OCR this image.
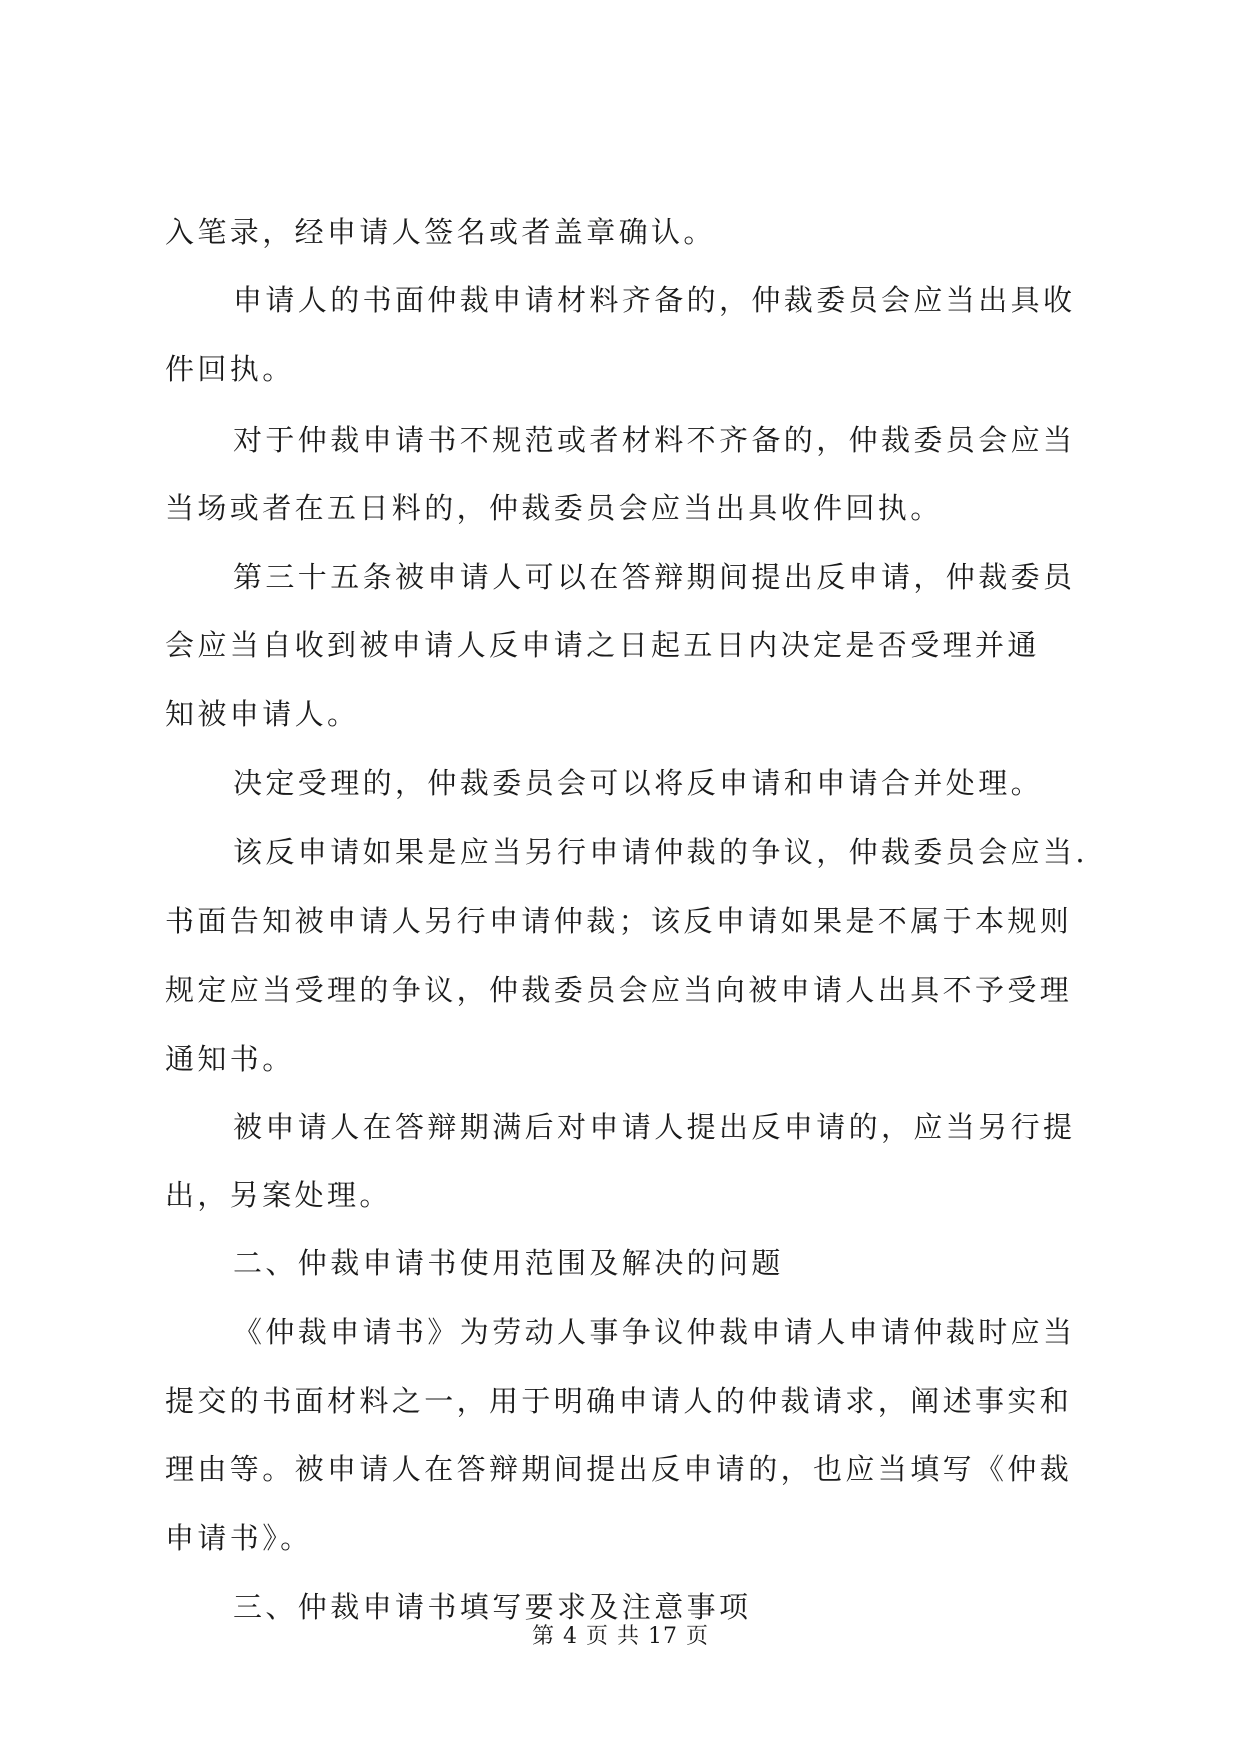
入笔录，经申请人签名或者盖章确认。
申请人的书面仲裁申请材料齐备的，仲裁委员会应当出具收
件回执。
对于仲裁申请书不规范或者材料不齐备的，仲裁委员会应当
当场或者在五日料的，仲裁委员会应当出具收件回执。
第三十五条被申请人可以在答辩期间提出反申请，仲裁委员
会应当自收到被申请人反申请之日起五日内决定是否受理并通
知被申请人。
决定受理的，仲裁委员会可以将反申请和申请合并处理。
该反申请如果是应当另行申请仲裁的争议，仲裁委员会应当.
书面告知被申请人另行申请仲裁；该反申请如果是不属于本规则
规定应当受理的争议，仲裁委员会应当向被申请人出具不予受理
通知书。
被申请人在答辩期满后对申请人提出反申请的，应当另行提
出，另案处理。
二、仲裁申请书使用范围及解决的问题
《仲裁申请书》为劳动人事争议仲裁申请人申请仲裁时应当
提交的书面材料之一，用于明确申请人的仲裁请求，阐述事实和
理由等。被申请人在答辩期间提出反申请的，也应当填写《仲裁
申请书》。
三、仲裁申请书填写要求及注意事项
第 4 页 共 17 页
